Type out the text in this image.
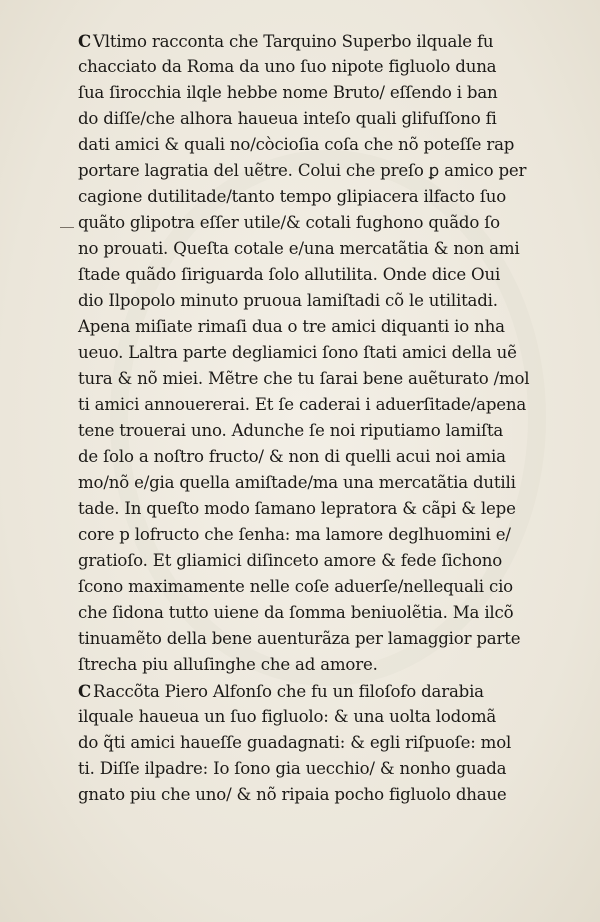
Ⅽ Vltimo racconta che Tarquino Superbo ilquale fu
chacciato da Roma da uno ſuo nipote figluolo duna
ſua ſirocchia ilqle hebbe nome Bruto/ eſſendo i ban
do diſſe/che alhora haueua inteſo quali glifuſſono fi
dati amici & quali no/còcioſia coſa che nõ poteſſe rap
portare lagratia del uẽtre. Colui che preſo ꝑ amico per
cagione dutilitade/tanto tempo glipiacera ilfacto ſuo
quãto glipotra eſſer utile/& cotali fughono quãdo ſo
no prouati. Queſta cotale e/una mercatãtia & non ami
ſtade quãdo ſiriguarda ſolo allutilita. Onde dice Oui
dio Ilpopolo minuto pruoua lamiſtadi cõ le utilitadi.
Apena miſiate rimaſi dua o tre amici diquanti io nha
ueuo. Laltra parte degliamici ſono ſtati amici della uẽ
tura & nõ miei. Mẽtre che tu ſarai bene auẽturato /mol
ti amici annouererai. Et ſe caderai i aduerſitade/apena
tene trouerai uno. Adunche ſe noi riputiamo lamiſta
de ſolo a noſtro fructo/ & non di quelli acui noi amia
mo/nõ e/gia quella amiſtade/ma una mercatãtia dutili
tade. In queſto modo ſamano lepratora & cãpi & lepe
core p lofructo che ſenha: ma lamore deglhuomini e/
gratioſo. Et gliamici diſinceto amore & fede ſichono
ſcono maximamente nelle coſe aduerſe/nellequali cio
che ſidona tutto uiene da ſomma beniuolẽtia. Ma ilcõ
tinuamẽto della bene auenturãza per lamaggior parte
ſtrecha piu alluſinghe che ad amore.
Ⅽ Raccõta Piero Alfonſo che fu un filoſofo darabia
ilquale haueua un ſuo figluolo: & una uolta lodomã
do q̃ti amici haueſſe guadagnati: & egli riſpuoſe: mol
ti. Diſſe ilpadre: Io ſono gia uecchio/ & nonho guada
gnato piu che uno/ & nõ ripaia pocho figluolo dhaue
